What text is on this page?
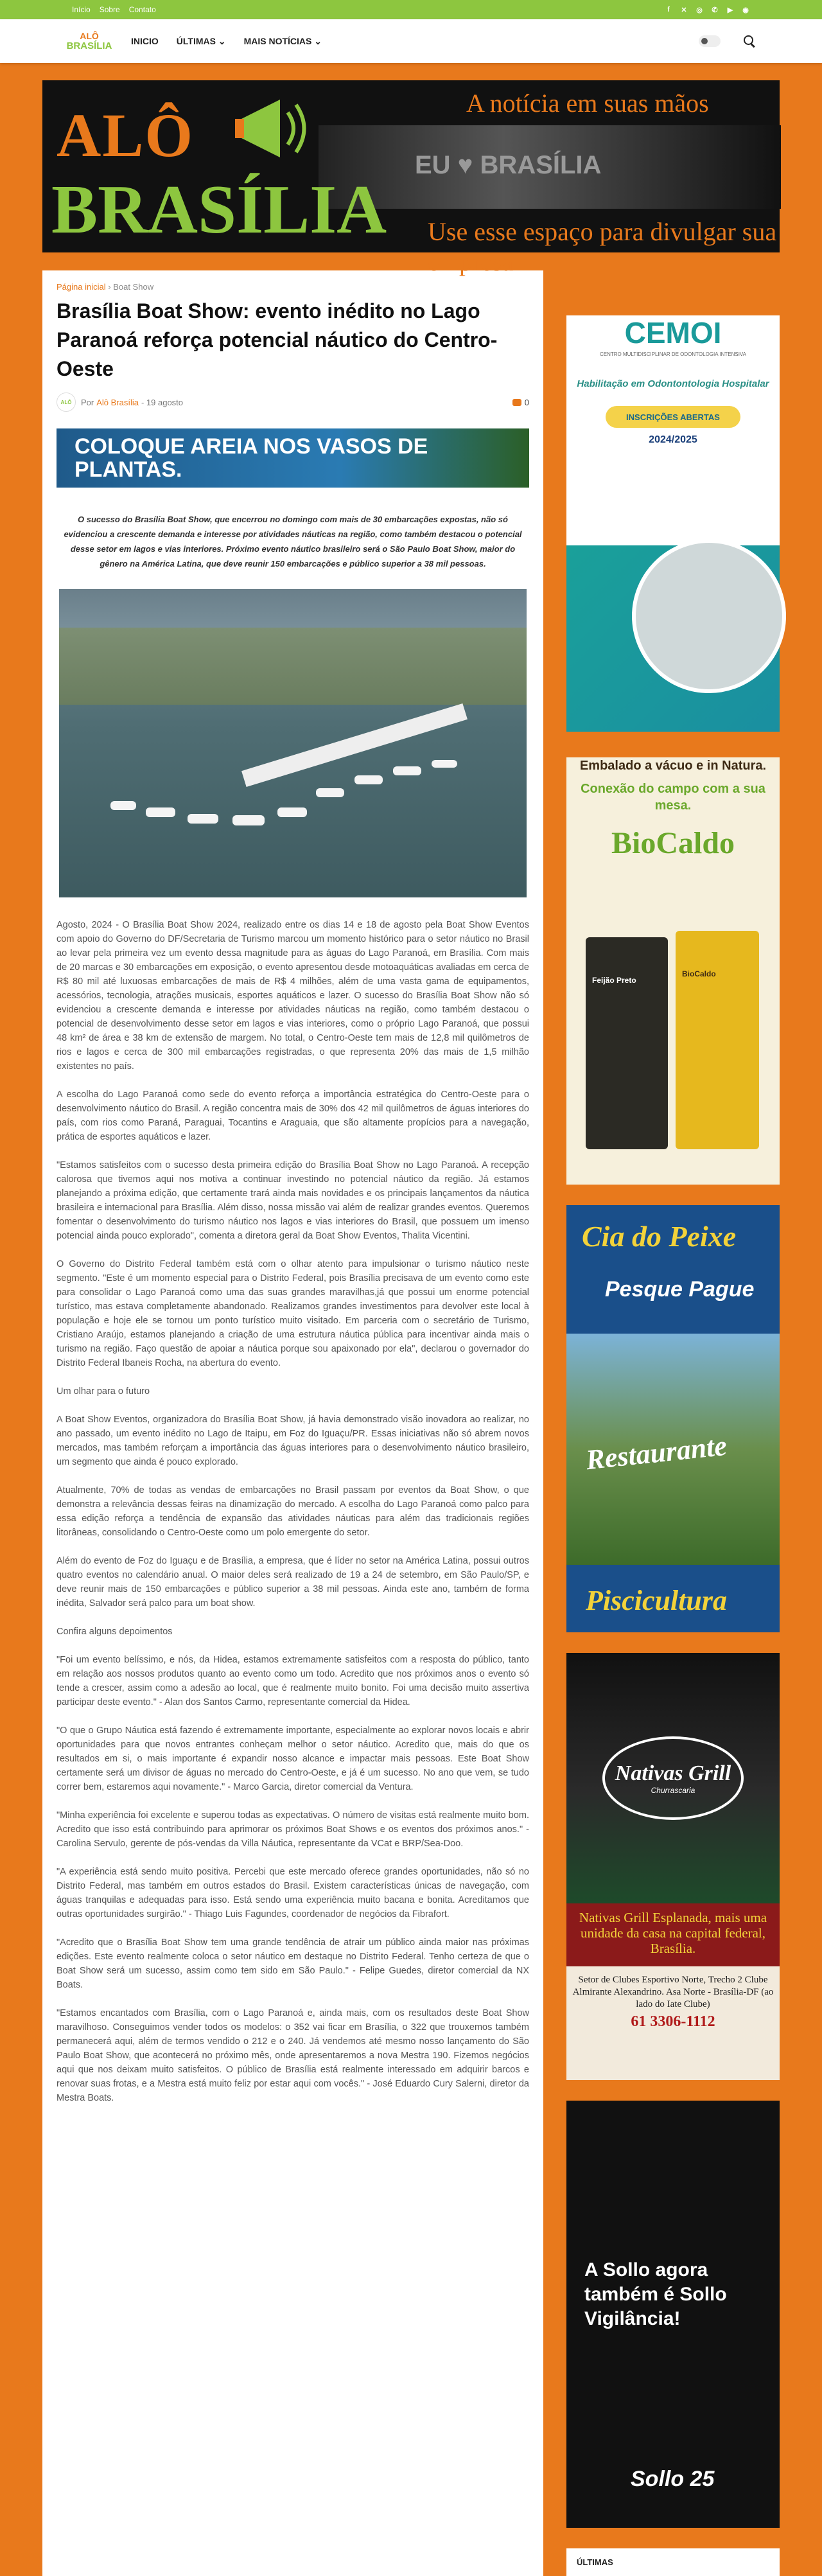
Início Sobre Contato	f	✕ ◎ ✆ ▶ ◉
ALÔ
BRASÍLIA INICIO ÚLTIMAS ⌄ MAIS NOTÍCIAS ⌄
EU ♥ BRASÍLIA
ALÔ
BRASÍLIA
A notícia em suas mãos
Use esse espaço para divulgar sua empresa
Página inicial › Boat Show
Brasília Boat Show: evento inédito no Lago Paranoá reforça potencial náutico do Centro-Oeste
ALÔ	Por Alô Brasília - 19 agosto	0
COLOQUE AREIA NOS VASOS DE PLANTAS.

O sucesso do Brasília Boat Show, que encerrou no domingo com mais de 30 embarcações expostas, não só evidenciou a crescente demanda e interesse por atividades náuticas na região, como também destacou o potencial desse setor em lagos e vias interiores. Próximo evento náutico brasileiro será o São Paulo Boat Show, maior do gênero na América Latina, que deve reunir 150 embarcações e público superior a 38 mil pessoas.

Agosto, 2024 - O Brasília Boat Show 2024, realizado entre os dias 14 e 18 de agosto pela Boat Show Eventos com apoio do Governo do DF/Secretaria de Turismo marcou um momento histórico para o setor náutico no Brasil ao levar pela primeira vez um evento dessa magnitude para as águas do Lago Paranoá, em Brasília. Com mais de 20 marcas e 30 embarcações em exposição, o evento apresentou desde motoaquáticas avaliadas em cerca de R$ 80 mil até luxuosas embarcações de mais de R$ 4 milhões, além de uma vasta gama de equipamentos, acessórios, tecnologia, atrações musicais, esportes aquáticos e lazer. O sucesso do Brasília Boat Show não só evidenciou a crescente demanda e interesse por atividades náuticas na região, como também destacou o potencial de desenvolvimento desse setor em lagos e vias interiores, como o próprio Lago Paranoá, que possui 48 km² de área e 38 km de extensão de margem. No total, o Centro-Oeste tem mais de 12,8 mil quilômetros de rios e lagos e cerca de 300 mil embarcações registradas, o que representa 20% das mais de 1,5 milhão existentes no país.

A escolha do Lago Paranoá como sede do evento reforça a importância estratégica do Centro-Oeste para o desenvolvimento náutico do Brasil. A região concentra mais de 30% dos 42 mil quilômetros de águas interiores do país, com rios como Paraná, Paraguai, Tocantins e Araguaia, que são altamente propícios para a navegação, prática de esportes aquáticos e lazer.

"Estamos satisfeitos com o sucesso desta primeira edição do Brasília Boat Show no Lago Paranoá. A recepção calorosa que tivemos aqui nos motiva a continuar investindo no potencial náutico da região. Já estamos planejando a próxima edição, que certamente trará ainda mais novidades e os principais lançamentos da náutica brasileira e internacional para Brasília. Além disso, nossa missão vai além de realizar grandes eventos. Queremos fomentar o desenvolvimento do turismo náutico nos lagos e vias interiores do Brasil, que possuem um imenso potencial ainda pouco explorado", comenta a diretora geral da Boat Show Eventos, Thalita Vicentini.

O Governo do Distrito Federal também está com o olhar atento para impulsionar o turismo náutico neste segmento. "Este é um momento especial para o Distrito Federal, pois Brasília precisava de um evento como este para consolidar o Lago Paranoá como uma das suas grandes maravilhas,já que possui um enorme potencial turístico, mas estava completamente abandonado. Realizamos grandes investimentos para devolver este local à população e hoje ele se tornou um ponto turístico muito visitado. Em parceria com o secretário de Turismo, Cristiano Araújo, estamos planejando a criação de uma estrutura náutica pública para incentivar ainda mais o turismo na região. Faço questão de apoiar a náutica porque sou apaixonado por ela", declarou o governador do Distrito Federal Ibaneis Rocha, na abertura do evento.

Um olhar para o futuro

A Boat Show Eventos, organizadora do Brasília Boat Show, já havia demonstrado visão inovadora ao realizar, no ano passado, um evento inédito no Lago de Itaipu, em Foz do Iguaçu/PR. Essas iniciativas não só abrem novos mercados, mas também reforçam a importância das águas interiores para o desenvolvimento náutico brasileiro, um segmento que ainda é pouco explorado.

Atualmente, 70% de todas as vendas de embarcações no Brasil passam por eventos da Boat Show, o que demonstra a relevância dessas feiras na dinamização do mercado. A escolha do Lago Paranoá como palco para essa edição reforça a tendência de expansão das atividades náuticas para além das tradicionais regiões litorâneas, consolidando o Centro-Oeste como um polo emergente do setor.

Além do evento de Foz do Iguaçu e de Brasília, a empresa, que é líder no setor na América Latina, possui outros quatro eventos no calendário anual. O maior deles será realizado de 19 a 24 de setembro, em São Paulo/SP, e deve reunir mais de 150 embarcações e público superior a 38 mil pessoas. Ainda este ano, também de forma inédita, Salvador será palco para um boat show.

Confira alguns depoimentos

"Foi um evento belíssimo, e nós, da Hidea, estamos extremamente satisfeitos com a resposta do público, tanto em relação aos nossos produtos quanto ao evento como um todo. Acredito que nos próximos anos o evento só tende a crescer, assim como a adesão ao local, que é realmente muito bonito. Foi uma decisão muito assertiva participar deste evento." - Alan dos Santos Carmo, representante comercial da Hidea.

"O que o Grupo Náutica está fazendo é extremamente importante, especialmente ao explorar novos locais e abrir oportunidades para que novos entrantes conheçam melhor o setor náutico. Acredito que, mais do que os resultados em si, o mais importante é expandir nosso alcance e impactar mais pessoas. Este Boat Show certamente será um divisor de águas no mercado do Centro-Oeste, e já é um sucesso. No ano que vem, se tudo correr bem, estaremos aqui novamente." - Marco Garcia, diretor comercial da Ventura.

"Minha experiência foi excelente e superou todas as expectativas. O número de visitas está realmente muito bom. Acredito que isso está contribuindo para aprimorar os próximos Boat Shows e os eventos dos próximos anos." - Carolina Servulo, gerente de pós-vendas da Villa Náutica, representante da VCat e BRP/Sea-Doo.

"A experiência está sendo muito positiva. Percebi que este mercado oferece grandes oportunidades, não só no Distrito Federal, mas também em outros estados do Brasil. Existem características únicas de navegação, com águas tranquilas e adequadas para isso. Está sendo uma experiência muito bacana e bonita. Acreditamos que outras oportunidades surgirão." - Thiago Luis Fagundes, coordenador de negócios da Fibrafort.

"Acredito que o Brasília Boat Show tem uma grande tendência de atrair um público ainda maior nas próximas edições. Este evento realmente coloca o setor náutico em destaque no Distrito Federal. Tenho certeza de que o Boat Show será um sucesso, assim como tem sido em São Paulo." - Felipe Guedes, diretor comercial da NX Boats.

"Estamos encantados com Brasília, com o Lago Paranoá e, ainda mais, com os resultados deste Boat Show maravilhoso. Conseguimos vender todos os modelos: o 352 vai ficar em Brasília, o 322 que trouxemos também permanecerá aqui, além de termos vendido o 212 e o 240. Já vendemos até mesmo nosso lançamento do São Paulo Boat Show, que acontecerá no próximo mês, onde apresentaremos a nova Mestra 190. Fizemos negócios aqui que nos deixam muito satisfeitos. O público de Brasília está realmente interessado em adquirir barcos e renovar suas frotas, e a Mestra está muito feliz por estar aqui com vocês." - José Eduardo Cury Salerni, diretor da Mestra Boats.

CEMOI
CENTRO MULTIDISCIPLINAR DE ODONTOLOGIA INTENSIVA
Habilitação em Odontontologia Hospitalar
INSCRIÇÕES ABERTAS
2024/2025
Embalado a vácuo e in Natura.
Conexão do campo com a sua mesa.
BioCaldo
Feijão Preto
BioCaldo
Cia do Peixe
Pesque Pague
Restaurante
Piscicultura
Nativas Grill
Churrascaria
Nativas Grill Esplanada, mais uma unidade da casa na capital federal, Brasília.
Setor de Clubes Esportivo Norte, Trecho 2 Clube Almirante Alexandrino. Asa Norte - Brasília-DF (ao lado do Iate Clube)
61 3306-1112
A Sollo agora também é Sollo Vigilância!
Sollo 25
ÚLTIMAS
